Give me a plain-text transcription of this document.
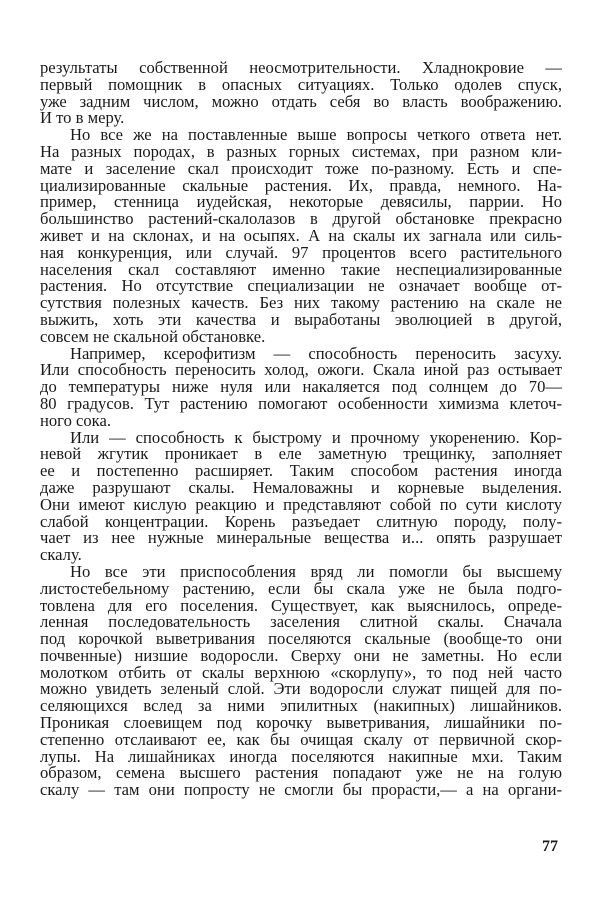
результаты собственной неосмотрительности. Хладнокровие —
первый помощник в опасных ситуациях. Только одолев спуск,
уже задним числом, можно отдать себя во власть воображению.
И то в меру.
Но все же на поставленные выше вопросы четкого ответа нет.
На разных породах, в разных горных системах, при разном кли-
мате и заселение скал происходит тоже по-разному. Есть и спе-
циализированные скальные растения. Их, правда, немного. На-
пример, стенница иудейская, некоторые девясилы, паррии. Но
большинство растений-скалолазов в другой обстановке прекрасно
живет и на склонах, и на осыпях. А на скалы их загнала или силь-
ная конкуренция, или случай. 97 процентов всего растительного
населения скал составляют именно такие неспециализированные
растения. Но отсутствие специализации не означает вообще от-
сутствия полезных качеств. Без них такому растению на скале не
выжить, хоть эти качества и выработаны эволюцией в другой,
совсем не скальной обстановке.
Например, ксерофитизм — способность переносить засуху.
Или способность переносить холод, ожоги. Скала иной раз остывает
до температуры ниже нуля или накаляется под солнцем до 70—
80 градусов. Тут растению помогают особенности химизма клеточ-
ного сока.
Или — способность к быстрому и прочному укоренению. Кор-
невой жгутик проникает в еле заметную трещинку, заполняет
ее и постепенно расширяет. Таким способом растения иногда
даже разрушают скалы. Немаловажны и корневые выделения.
Они имеют кислую реакцию и представляют собой по сути кислоту
слабой концентрации. Корень разъедает слитную породу, полу-
чает из нее нужные минеральные вещества и... опять разрушает
скалу.
Но все эти приспособления вряд ли помогли бы высшему
листостебельному растению, если бы скала уже не была подго-
товлена для его поселения. Существует, как выяснилось, опреде-
ленная последовательность заселения слитной скалы. Сначала
под корочкой выветривания поселяются скальные (вообще-то они
почвенные) низшие водоросли. Сверху они не заметны. Но если
молотком отбить от скалы верхнюю «скорлупу», то под ней часто
можно увидеть зеленый слой. Эти водоросли служат пищей для по-
селяющихся вслед за ними эпилитных (накипных) лишайников.
Проникая слоевищем под корочку выветривания, лишайники по-
степенно отслаивают ее, как бы очищая скалу от первичной скор-
лупы. На лишайниках иногда поселяются накипные мхи. Таким
образом, семена высшего растения попадают уже не на голую
скалу — там они попросту не смогли бы прорасти,— а на органи-
77
